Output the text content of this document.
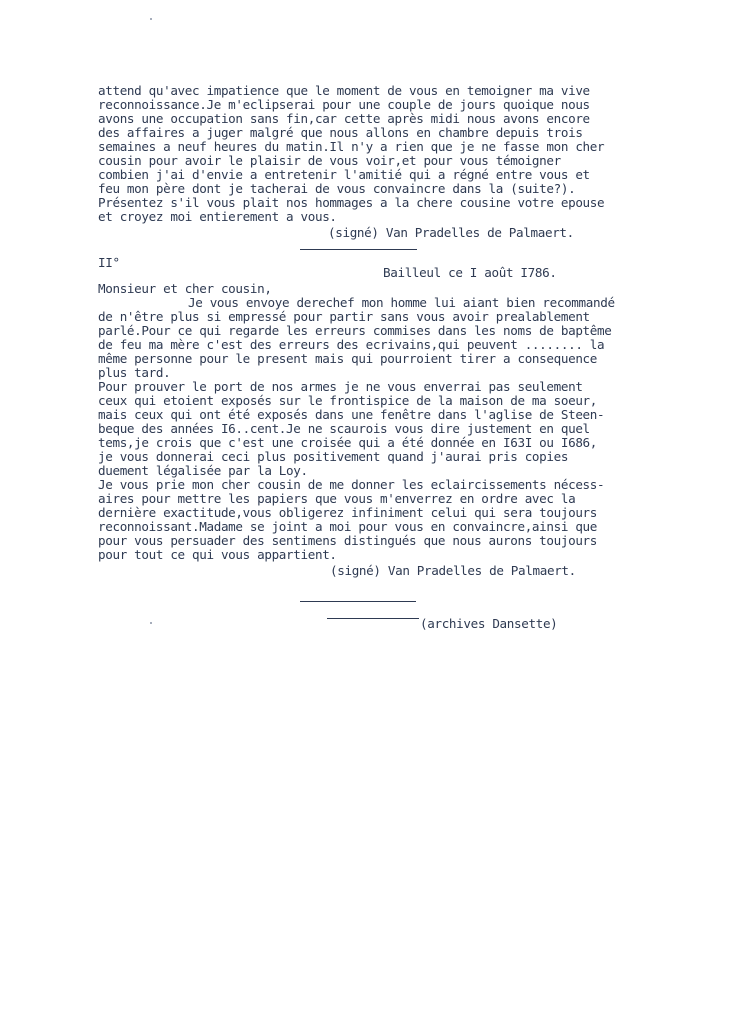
attend qu'avec impatience que le moment de vous en temoigner ma vive
reconnoissance.Je m'eclipserai pour une couple de jours quoique nous
avons une occupation sans fin,car cette après midi nous avons encore
des affaires a juger malgré que nous allons en chambre depuis trois
semaines a neuf heures du matin.Il n'y a rien que je ne fasse mon cher
cousin pour avoir le plaisir de vous voir,et pour vous témoigner
combien j'ai d'envie a entretenir l'amitié qui a régné entre vous et
feu mon père dont je tacherai de vous convaincre dans la (suite?).
Présentez s'il vous plait nos hommages a la chere cousine votre epouse
et croyez moi entierement a vous.
(signé) Van Pradelles de Palmaert.
II°
Bailleul ce I août I786.
Monsieur et cher cousin,
Je vous envoye derechef mon homme lui aiant bien recommandé
de n'être plus si empressé pour partir sans vous avoir prealablement
parlé.Pour ce qui regarde les erreurs commises dans les noms de baptême
de feu ma mère c'est des erreurs des ecrivains,qui peuvent ........ la
même personne pour le present mais qui pourroient tirer a consequence
plus tard.
Pour prouver le port de nos armes je ne vous enverrai pas seulement
ceux qui etoient exposés sur le frontispice de la maison de ma soeur,
mais ceux qui ont été exposés dans une fenêtre dans l'aglise de Steen-
beque des années I6..cent.Je ne scaurois vous dire justement en quel
tems,je crois que c'est une croisée qui a été donnée en I63I ou I686,
je vous donnerai ceci plus positivement quand j'aurai pris copies
duement légalisée par la Loy.
Je vous prie mon cher cousin de me donner les eclaircissements nécess-
aires pour mettre les papiers que vous m'enverrez en ordre avec la
dernière exactitude,vous obligerez infiniment celui qui sera toujours
reconnoissant.Madame se joint a moi pour vous en convaincre,ainsi que
pour vous persuader des sentimens distingués que nous aurons toujours
pour tout ce qui vous appartient.
(signé) Van Pradelles de Palmaert.
(archives Dansette)
